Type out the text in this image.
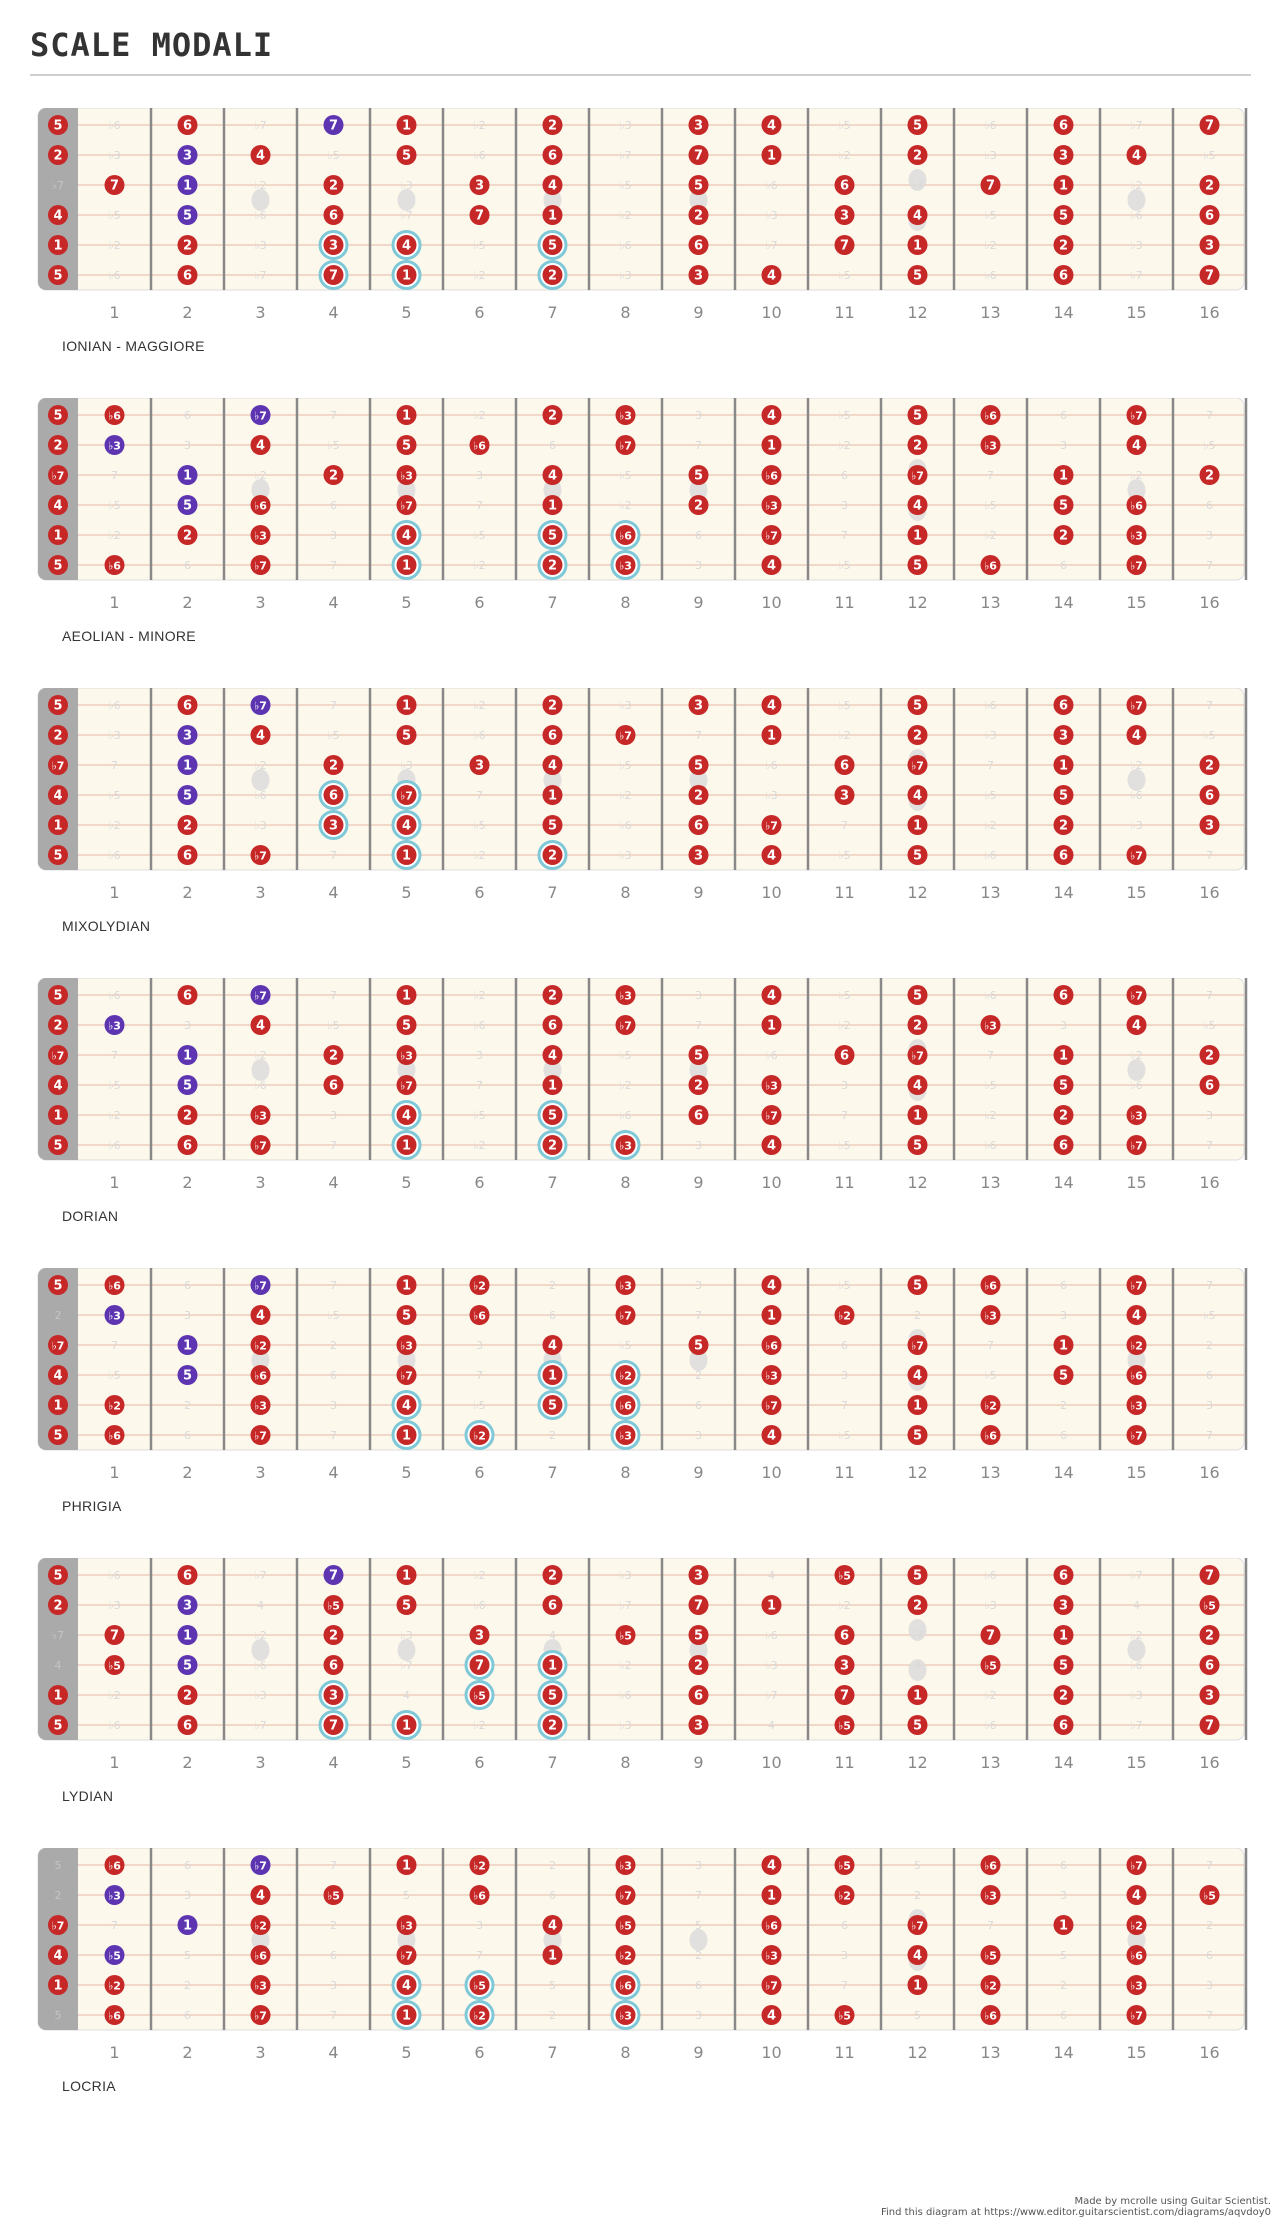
SCALE MODALI
5	♭6	6	♭7	7	1	♭2	2	♭3	3	4	♭5	5	♭6	6	♭7	7
2	♭3	3	4	♭5	5	♭6	6	♭7	7	1	♭2	2	♭3	3	4	♭5
♭7	7	1	♭2	2	♭3	3	4	♭5	5	♭6	6	♭7	7	1	♭2	2
4	♭5	5	♭6	6	♭7	7	1	♭2	2	♭3	3	4	♭5	5	♭6	6
1	♭2	2	♭3	3	4	♭5	5	♭6	6	♭7	7	1	♭2	2	♭3	3
5	♭6	6	♭7	7	1	♭2	2	♭3	3	4	♭5	5	♭6	6	♭7	7
1	2	3	4	5	6	7	8	9	10	11	12	13	14	15	16
IONIAN - MAGGIORE
5	♭6	6	♭7	7	1	♭2	2	♭3	3	4	♭5	5	♭6	6	♭7	7
2	♭3	3	4	♭5	5	♭6	6	♭7	7	1	♭2	2	♭3	3	4	♭5
♭7	7	1	♭2	2	♭3	3	4	♭5	5	♭6	6	♭7	7	1	♭2	2
4	♭5	5	♭6	6	♭7	7	1	♭2	2	♭3	3	4	♭5	5	♭6	6
1	♭2	2	♭3	3	4	♭5	5	♭6	6	♭7	7	1	♭2	2	♭3	3
5	♭6	6	♭7	7	1	♭2	2	♭3	3	4	♭5	5	♭6	6	♭7	7
1	2	3	4	5	6	7	8	9	10	11	12	13	14	15	16
AEOLIAN - MINORE
5	♭6	6	♭7	7	1	♭2	2	♭3	3	4	♭5	5	♭6	6	♭7	7
2	♭3	3	4	♭5	5	♭6	6	♭7	7	1	♭2	2	♭3	3	4	♭5
♭7	7	1	♭2	2	♭3	3	4	♭5	5	♭6	6	♭7	7	1	♭2	2
4	♭5	5	♭6	6	♭7	7	1	♭2	2	♭3	3	4	♭5	5	♭6	6
1	♭2	2	♭3	3	4	♭5	5	♭6	6	♭7	7	1	♭2	2	♭3	3
5	♭6	6	♭7	7	1	♭2	2	♭3	3	4	♭5	5	♭6	6	♭7	7
1	2	3	4	5	6	7	8	9	10	11	12	13	14	15	16
MIXOLYDIAN
5	♭6	6	♭7	7	1	♭2	2	♭3	3	4	♭5	5	♭6	6	♭7	7
2	♭3	3	4	♭5	5	♭6	6	♭7	7	1	♭2	2	♭3	3	4	♭5
♭7	7	1	♭2	2	♭3	3	4	♭5	5	♭6	6	♭7	7	1	♭2	2
4	♭5	5	♭6	6	♭7	7	1	♭2	2	♭3	3	4	♭5	5	♭6	6
1	♭2	2	♭3	3	4	♭5	5	♭6	6	♭7	7	1	♭2	2	♭3	3
5	♭6	6	♭7	7	1	♭2	2	♭3	3	4	♭5	5	♭6	6	♭7	7
1	2	3	4	5	6	7	8	9	10	11	12	13	14	15	16
DORIAN
5	♭6	6	♭7	7	1	♭2	2	♭3	3	4	♭5	5	♭6	6	♭7	7
2	♭3	3	4	♭5	5	♭6	6	♭7	7	1	♭2	2	♭3	3	4	♭5
♭7	7	1	♭2	2	♭3	3	4	♭5	5	♭6	6	♭7	7	1	♭2	2
4	♭5	5	♭6	6	♭7	7	1	♭2	2	♭3	3	4	♭5	5	♭6	6
1	♭2	2	♭3	3	4	♭5	5	♭6	6	♭7	7	1	♭2	2	♭3	3
5	♭6	6	♭7	7	1	♭2	2	♭3	3	4	♭5	5	♭6	6	♭7	7
1	2	3	4	5	6	7	8	9	10	11	12	13	14	15	16
PHRIGIA
5	♭6	6	♭7	7	1	♭2	2	♭3	3	4	♭5	5	♭6	6	♭7	7
2	♭3	3	4	♭5	5	♭6	6	♭7	7	1	♭2	2	♭3	3	4	♭5
♭7	7	1	♭2	2	♭3	3	4	♭5	5	♭6	6	♭7	7	1	♭2	2
4	♭5	5	♭6	6	♭7	7	1	♭2	2	♭3	3	4	♭5	5	♭6	6
1	♭2	2	♭3	3	4	♭5	5	♭6	6	♭7	7	1	♭2	2	♭3	3
5	♭6	6	♭7	7	1	♭2	2	♭3	3	4	♭5	5	♭6	6	♭7	7
1	2	3	4	5	6	7	8	9	10	11	12	13	14	15	16
LYDIAN
5	♭6	6	♭7	7	1	♭2	2	♭3	3	4	♭5	5	♭6	6	♭7	7
2	♭3	3	4	♭5	5	♭6	6	♭7	7	1	♭2	2	♭3	3	4	♭5
♭7	7	1	♭2	2	♭3	3	4	♭5	5	♭6	6	♭7	7	1	♭2	2
4	♭5	5	♭6	6	♭7	7	1	♭2	2	♭3	3	4	♭5	5	♭6	6
1	♭2	2	♭3	3	4	♭5	5	♭6	6	♭7	7	1	♭2	2	♭3	3
5	♭6	6	♭7	7	1	♭2	2	♭3	3	4	♭5	5	♭6	6	♭7	7
1	2	3	4	5	6	7	8	9	10	11	12	13	14	15	16
LOCRIA
Made by mcrolle using Guitar Scientist.
Find this diagram at https://www.editor.guitarscientist.com/diagrams/aqvdoy0
